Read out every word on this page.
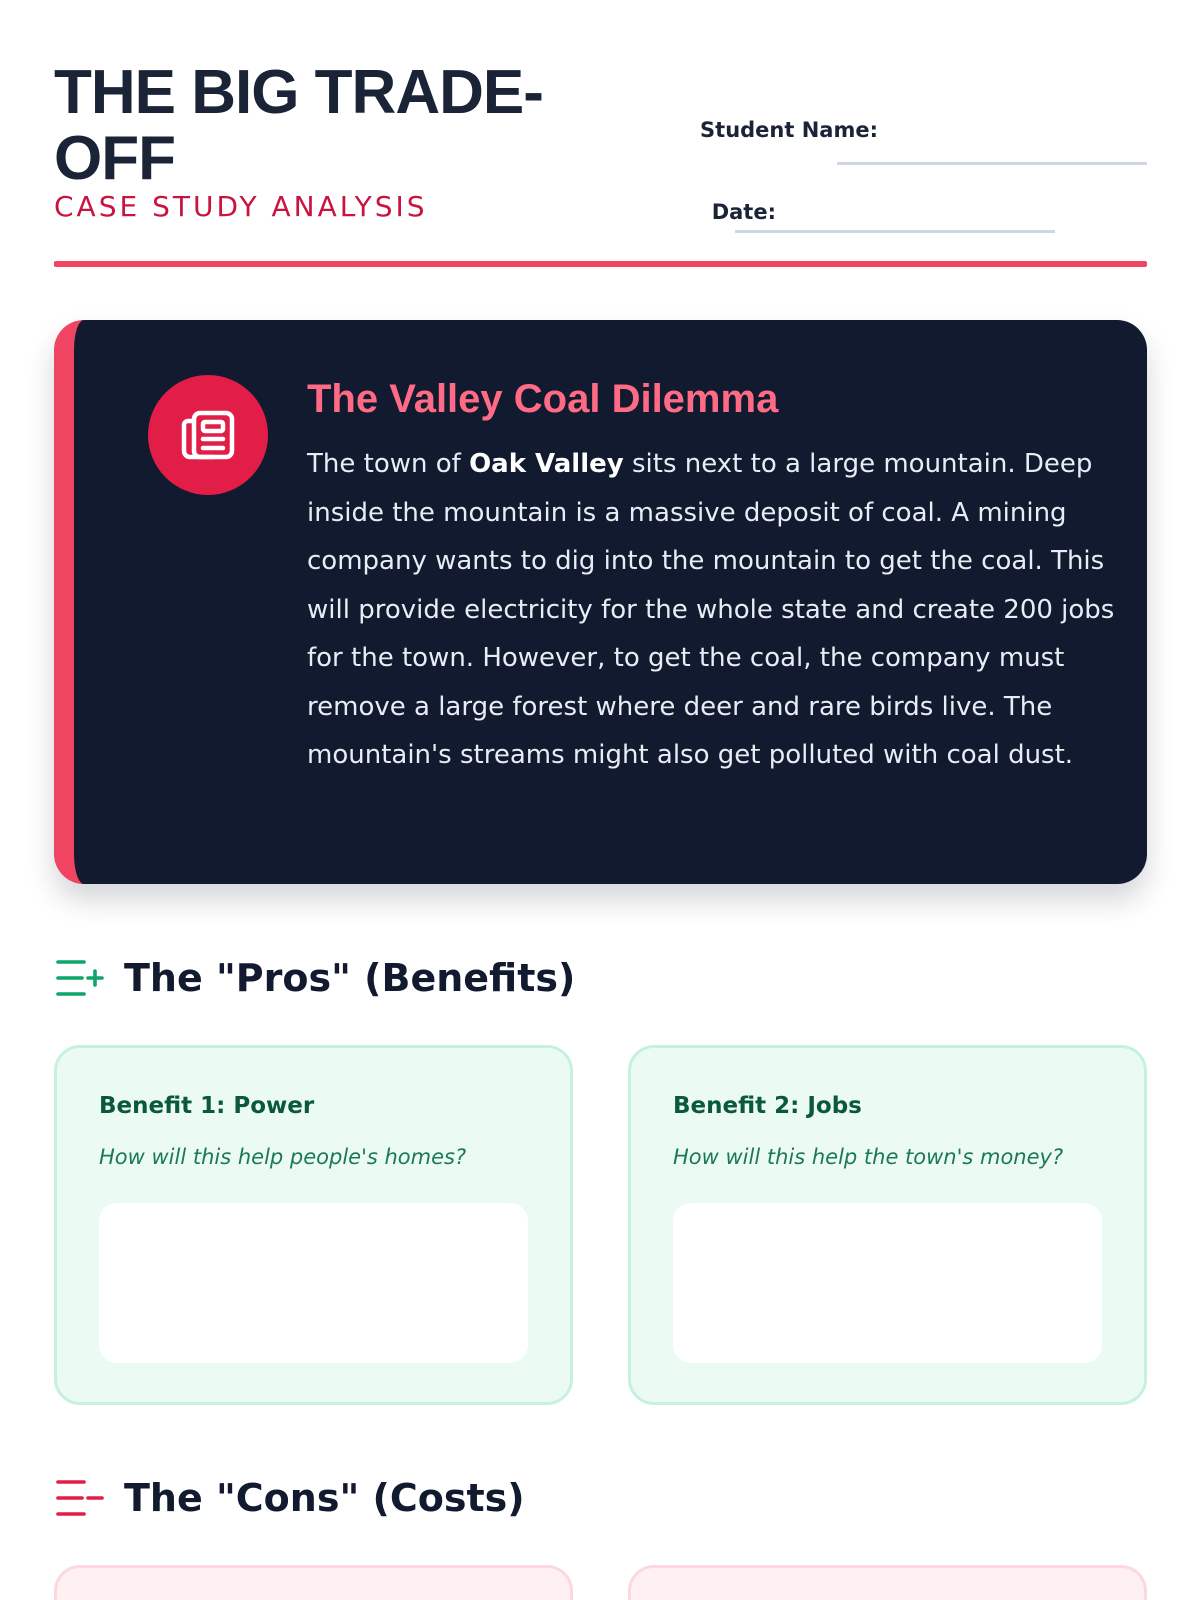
THE BIG TRADE-OFF
CASE STUDY ANALYSIS
Student Name:
Date:
The Valley Coal Dilemma

The town of Oak Valley sits next to a large mountain. Deep inside the mountain is a massive deposit of coal. A mining company wants to dig into the mountain to get the coal. This will provide electricity for the whole state and create 200 jobs for the town. However, to get the coal, the company must remove a large forest where deer and rare birds live. The mountain's streams might also get polluted with coal dust.

The "Pros" (Benefits)
Benefit 1: Power
How will this help people's homes?
Benefit 2: Jobs
How will this help the town's money?
The "Cons" (Costs)
